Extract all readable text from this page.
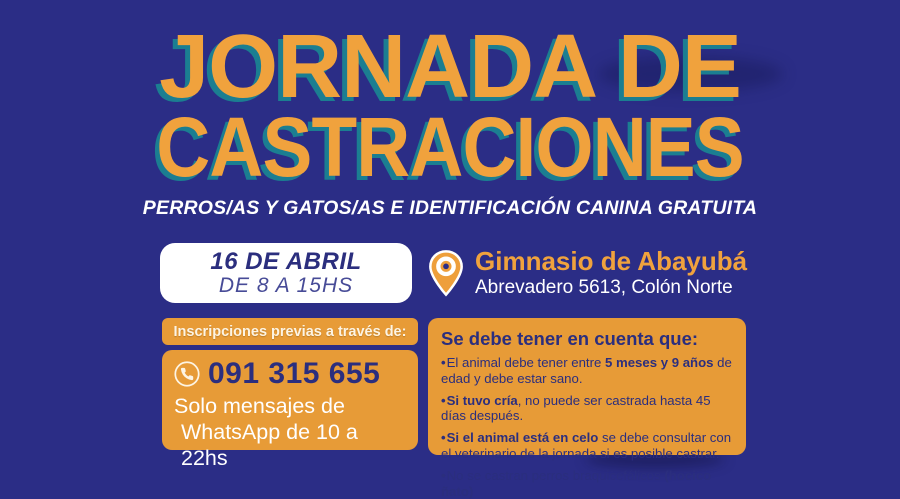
JORNADA DE
CASTRACIONES
PERROS/AS Y GATOS/AS E IDENTIFICACIÓN CANINA GRATUITA
16 DE ABRIL
DE 8 A 15HS
Gimnasio de Abayubá
Abrevadero 5613, Colón Norte
Inscripciones previas a través de:
091 315 655
Solo mensajes de
WhatsApp de 10 a 22hs
Se debe tener en cuenta que:
•El animal debe tener entre 5 meses y 9 años de edad y debe estar sano.
•Si tuvo cría, no puede ser castrada hasta 45 días después.
•Si el animal está en celo se debe consultar con el veterinario de la jornada si es posible castrar.
•No se castran perros braquicefálicos (hocico ñato)
